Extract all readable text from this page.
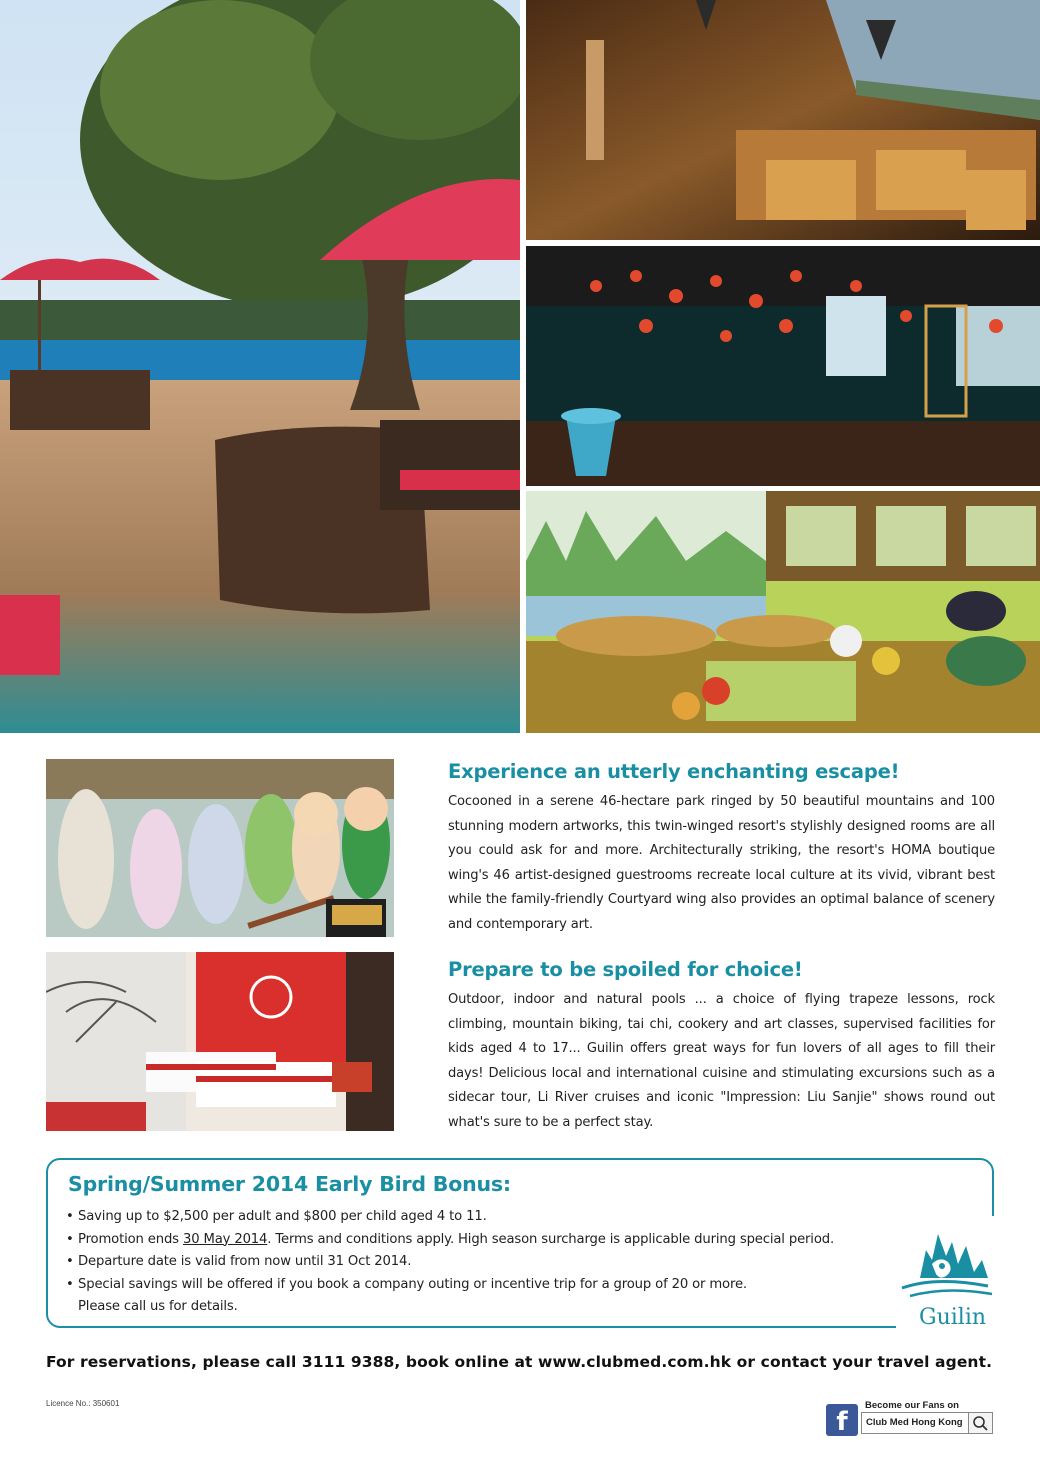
Experience an utterly enchanting escape!
Cocooned in a serene 46-hectare park ringed by 50 beautiful mountains and 100 stunning modern artworks, this twin-winged resort's stylishly designed rooms are all you could ask for and more. Architecturally striking, the resort's HOMA boutique wing's 46 artist-designed guestrooms recreate local culture at its vivid, vibrant best while the family-friendly Courtyard wing also provides an optimal balance of scenery and contemporary art.
Prepare to be spoiled for choice!
Outdoor, indoor and natural pools ... a choice of flying trapeze lessons, rock climbing, mountain biking, tai chi, cookery and art classes, supervised facilities for kids aged 4 to 17... Guilin offers great ways for fun lovers of all ages to fill their days! Delicious local and international cuisine and stimulating excursions such as a sidecar tour, Li River cruises and iconic "Impression: Liu Sanjie" shows round out what's sure to be a perfect stay.
Spring/Summer 2014 Early Bird Bonus:
• Saving up to $2,500 per adult and $800 per child aged 4 to 11.
• Promotion ends 30 May 2014. Terms and conditions apply. High season surcharge is applicable during special period.
• Departure date is valid from now until 31 Oct 2014.
• Special savings will be offered if you book a company outing or incentive trip for a group of 20 or more.
Please call us for details.	Guilin
For reservations, please call 3111 9388, book online at www.clubmed.com.hk or contact your travel agent.
Licence No.: 350601
f
Become our Fans on
Club Med Hong Kong
